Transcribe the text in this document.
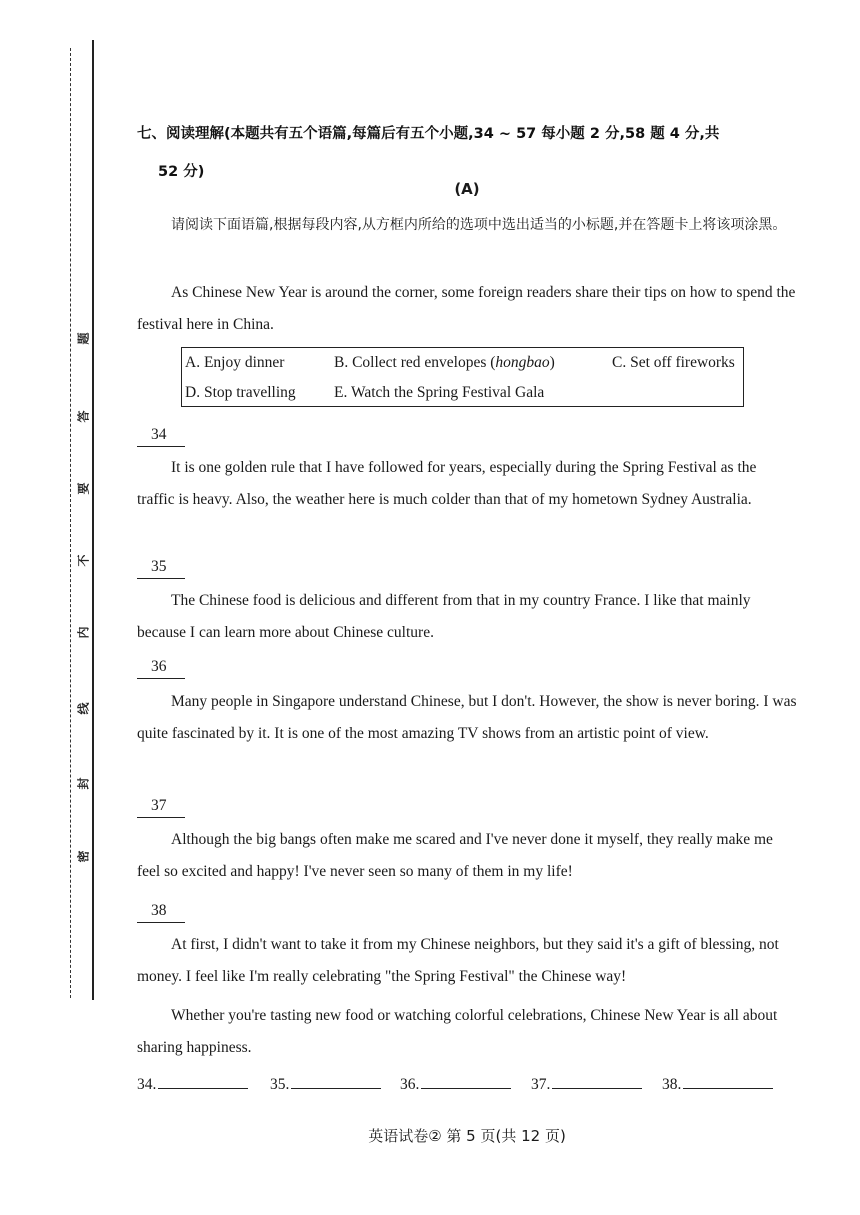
题
答
要
不
内
线
封
密
七、阅读理解(本题共有五个语篇,每篇后有五个小题,34 ~ 57 每小题 2 分,58 题 4 分,共
52 分)
(A)
请阅读下面语篇,根据每段内容,从方框内所给的选项中选出适当的小标题,并在答题卡上将该项涂黑。
As Chinese New Year is around the corner, some foreign readers share their tips on how to spend the festival here in China.
A. Enjoy dinner	B. Collect red envelopes (hongbao)	C. Set off fireworks
D. Stop travelling E. Watch the Spring Festival Gala
34
It is one golden rule that I have followed for years, especially during the Spring Festival as the traffic is heavy. Also, the weather here is much colder than that of my hometown Sydney Australia.
35
The Chinese food is delicious and different from that in my country France. I like that mainly because I can learn more about Chinese culture.
36
Many people in Singapore understand Chinese, but I don't. However, the show is never boring. I was quite fascinated by it. It is one of the most amazing TV shows from an artistic point of view.
37
Although the big bangs often make me scared and I've never done it myself, they really make me feel so excited and happy! I've never seen so many of them in my life!
38
At first, I didn't want to take it from my Chinese neighbors, but they said it's a gift of blessing, not money. I feel like I'm really celebrating "the Spring Festival" the Chinese way!
Whether you're tasting new food or watching colorful celebrations, Chinese New Year is all about sharing happiness.
34.	35.	36.	37.	38.
英语试卷② 第 5 页(共 12 页)
